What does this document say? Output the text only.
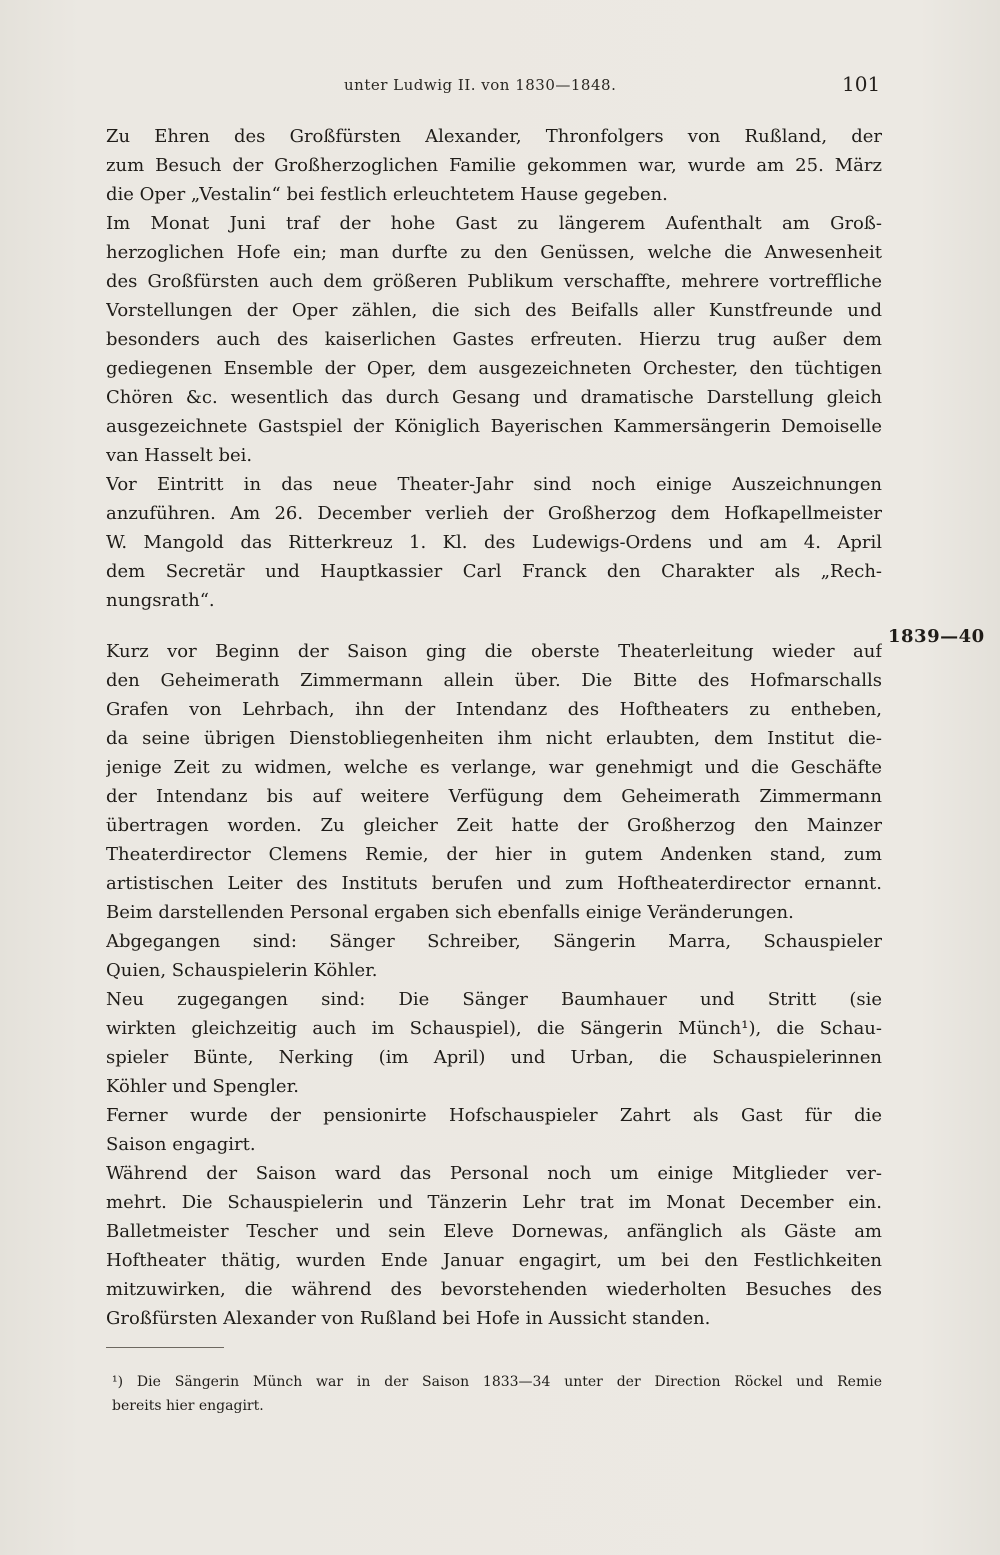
unter Ludwig II. von 1830—1848.	101
Zu Ehren des Großfürsten Alexander, Thronfolgers von Rußland, der
zum Besuch der Großherzoglichen Familie gekommen war, wurde am 25. März
die Oper „Vestalin“ bei festlich erleuchtetem Hause gegeben.
Im Monat Juni traf der hohe Gast zu längerem Aufenthalt am Groß-
herzoglichen Hofe ein; man durfte zu den Genüssen, welche die Anwesenheit
des Großfürsten auch dem größeren Publikum verschaffte, mehrere vortreffliche
Vorstellungen der Oper zählen, die sich des Beifalls aller Kunstfreunde und
besonders auch des kaiserlichen Gastes erfreuten. Hierzu trug außer dem
gediegenen Ensemble der Oper, dem ausgezeichneten Orchester, den tüchtigen
Chören &c. wesentlich das durch Gesang und dramatische Darstellung gleich
ausgezeichnete Gastspiel der Königlich Bayerischen Kammersängerin Demoiselle
van Hasselt bei.
Vor Eintritt in das neue Theater-Jahr sind noch einige Auszeichnungen
anzuführen. Am 26. December verlieh der Großherzog dem Hofkapellmeister
W. Mangold das Ritterkreuz 1. Kl. des Ludewigs-Ordens und am 4. April
dem Secretär und Hauptkassier Carl Franck den Charakter als „Rech-
nungsrath“.
Kurz vor Beginn der Saison ging die oberste Theaterleitung wieder auf
den Geheimerath Zimmermann allein über. Die Bitte des Hofmarschalls
Grafen von Lehrbach, ihn der Intendanz des Hoftheaters zu entheben,
da seine übrigen Dienstobliegenheiten ihm nicht erlaubten, dem Institut die-
jenige Zeit zu widmen, welche es verlange, war genehmigt und die Geschäfte
der Intendanz bis auf weitere Verfügung dem Geheimerath Zimmermann
übertragen worden. Zu gleicher Zeit hatte der Großherzog den Mainzer
Theaterdirector Clemens Remie, der hier in gutem Andenken stand, zum
artistischen Leiter des Instituts berufen und zum Hoftheaterdirector ernannt.
Beim darstellenden Personal ergaben sich ebenfalls einige Veränderungen.
Abgegangen sind: Sänger Schreiber, Sängerin Marra, Schauspieler
Quien, Schauspielerin Köhler.
Neu zugegangen sind: Die Sänger Baumhauer und Stritt (sie
wirkten gleichzeitig auch im Schauspiel), die Sängerin Münch¹), die Schau-
spieler Bünte, Nerking (im April) und Urban, die Schauspielerinnen
Köhler und Spengler.
Ferner wurde der pensionirte Hofschauspieler Zahrt als Gast für die
Saison engagirt.
Während der Saison ward das Personal noch um einige Mitglieder ver-
mehrt. Die Schauspielerin und Tänzerin Lehr trat im Monat December ein.
Balletmeister Tescher und sein Eleve Dornewas, anfänglich als Gäste am
Hoftheater thätig, wurden Ende Januar engagirt, um bei den Festlichkeiten
mitzuwirken, die während des bevorstehenden wiederholten Besuches des
Großfürsten Alexander von Rußland bei Hofe in Aussicht standen.
1839—40
¹) Die Sängerin Münch war in der Saison 1833—34 unter der Direction Röckel und Remie
bereits hier engagirt.
